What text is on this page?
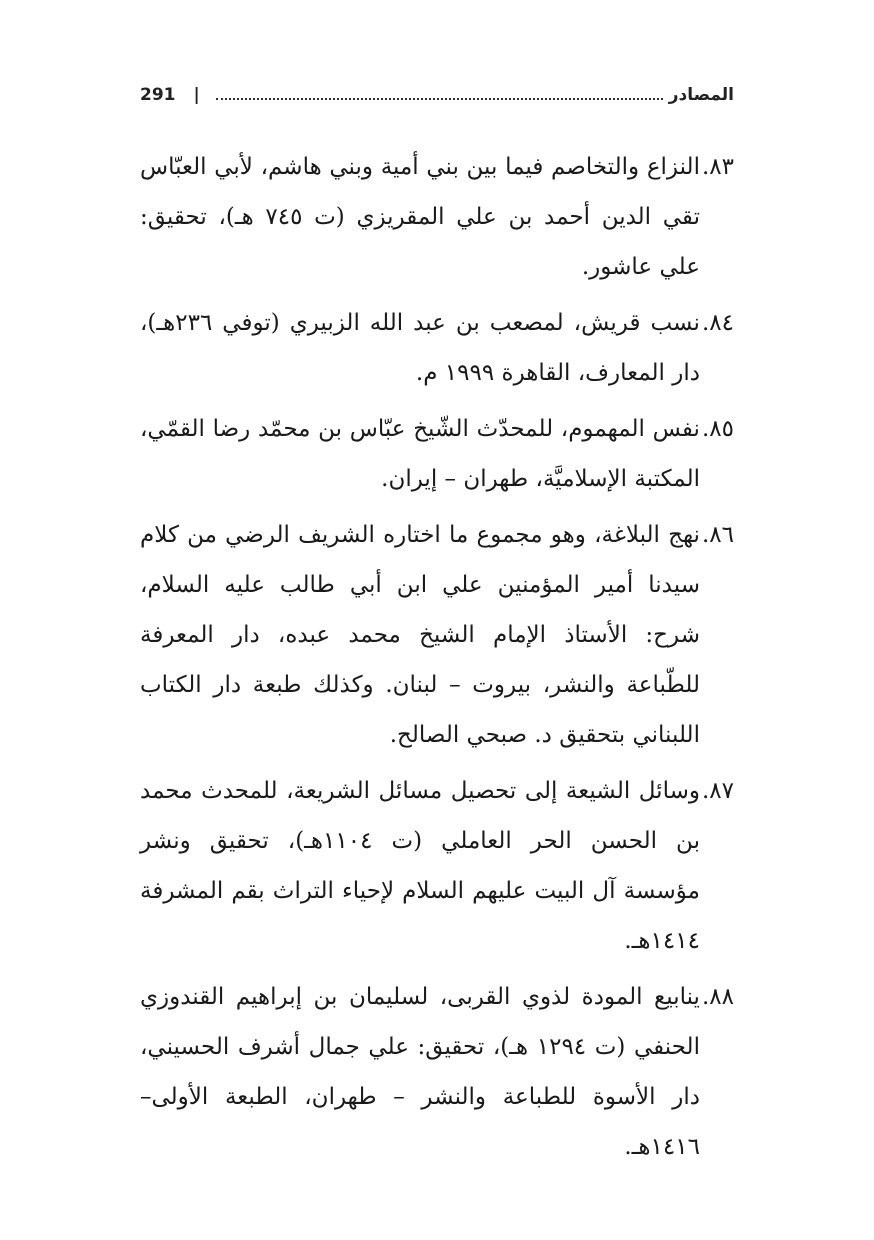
291 |	المصادر
٨٣.
النزاع والتخاصم فيما بين بني أمية وبني هاشم، لأبي العبّاس تقي الدين أحمد بن علي المقريزي (ت ٧٤٥ هـ)، تحقيق: علي عاشور.
٨٤.
نسب قريش، لمصعب بن عبد الله الزبيري (توفي ٢٣٦هـ)، دار المعارف، القاهرة ١٩٩٩ م.
٨٥.
نفس المهموم، للمحدّث الشّيخ عبّاس بن محمّد رضا القمّي، المكتبة الإسلاميَّة، طهران – إيران.
٨٦.
نهج البلاغة، وهو مجموع ما اختاره الشريف الرضي من كلام سيدنا أمير المؤمنين علي ابن أبي طالب عليه السلام، شرح: الأستاذ الإمام الشيخ محمد عبده، دار المعرفة للطّباعة والنشر، بيروت – لبنان. وكذلك طبعة دار الكتاب اللبناني بتحقيق د. صبحي الصالح.
٨٧.
وسائل الشيعة إلى تحصيل مسائل الشريعة، للمحدث محمد بن الحسن الحر العاملي (ت ١١٠٤هـ)، تحقيق ونشر مؤسسة آل البيت عليهم السلام لإحياء التراث بقم المشرفة ١٤١٤هـ.
٨٨.
ينابيع المودة لذوي القربى، لسليمان بن إبراهيم القندوزي الحنفي (ت ١٢٩٤ هـ)، تحقيق: علي جمال أشرف الحسيني، دار الأسوة للطباعة والنشر – طهران، الطبعة الأولى–١٤١٦هـ.
